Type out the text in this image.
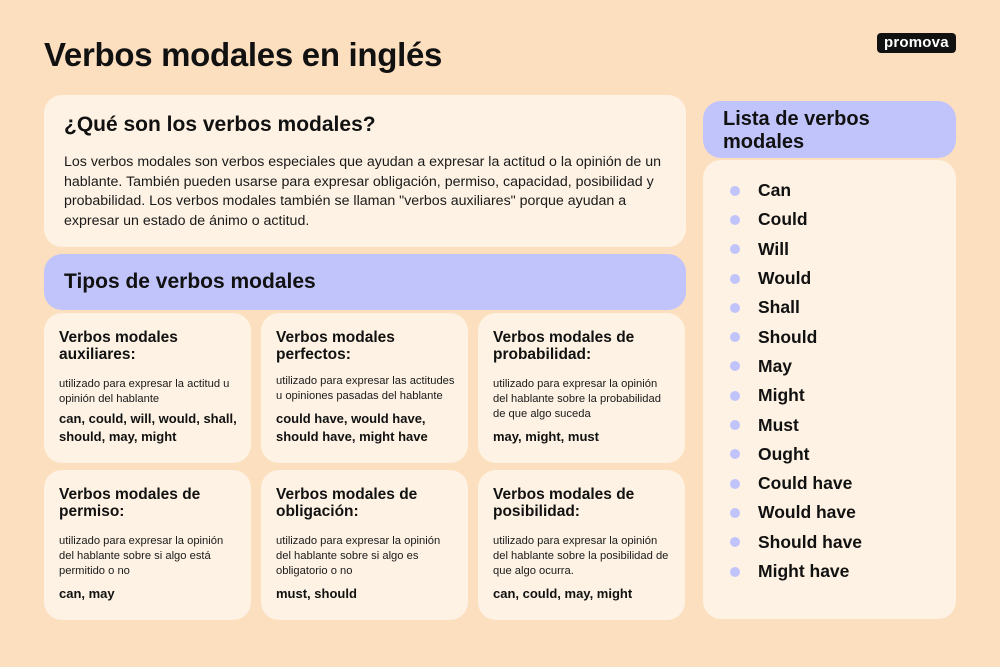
Verbos modales en inglés	promova
¿Qué son los verbos modales?

Los verbos modales son verbos especiales que ayudan a expresar la actitud o la opinión de un hablante. También pueden usarse para expresar obligación, permiso, capacidad, posibilidad y probabilidad. Los verbos modales también se llaman "verbos auxiliares" porque ayudan a expresar un estado de ánimo o actitud.

Tipos de verbos modales
Verbos modales auxiliares:
utilizado para expresar la actitud u opinión del hablante
can, could, will, would, shall, should, may, might
Verbos modales perfectos:
utilizado para expresar las actitudes u opiniones pasadas del hablante
could have, would have, should have, might have
Verbos modales de probabilidad:
utilizado para expresar la opinión del hablante sobre la probabilidad de que algo suceda
may, might, must
Verbos modales de permiso:
utilizado para expresar la opinión del hablante sobre si algo está permitido o no
can, may
Verbos modales de obligación:
utilizado para expresar la opinión del hablante sobre si algo es obligatorio o no
must, should
Verbos modales de posibilidad:
utilizado para expresar la opinión del hablante sobre la posibilidad de que algo ocurra.
can, could, may, might
Lista de verbos modales
Can
Could
Will
Would
Shall
Should
May
Might
Must
Ought
Could have
Would have
Should have
Might have
